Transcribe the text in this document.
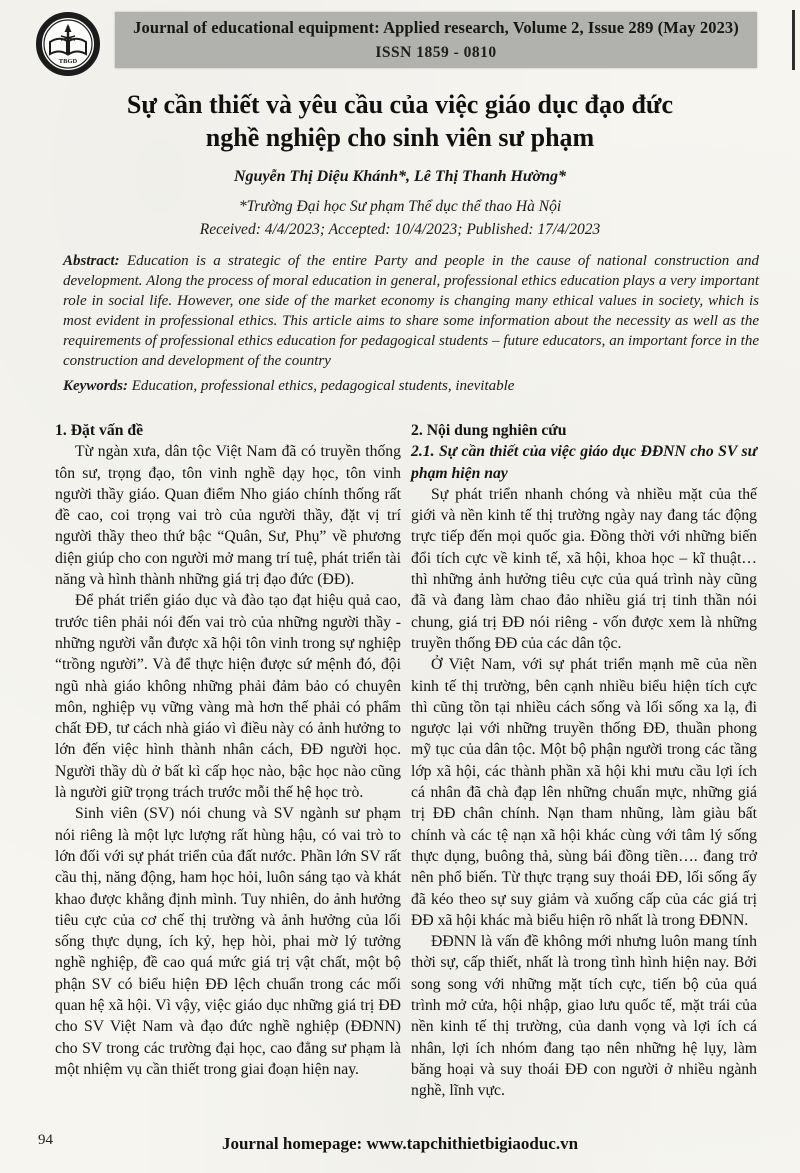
TBGD
Journal of educational equipment: Applied research, Volume 2, Issue 289 (May 2023)
ISSN 1859 - 0810
Sự cần thiết và yêu cầu của việc giáo dục đạo đức
nghề nghiệp cho sinh viên sư phạm
Nguyễn Thị Diệu Khánh*, Lê Thị Thanh Hường*
*Trường Đại học Sư phạm Thể dục thể thao Hà Nội
Received: 4/4/2023; Accepted: 10/4/2023; Published: 17/4/2023
Abstract: Education is a strategic of the entire Party and people in the cause of national construction and development. Along the process of moral education in general, professional ethics education plays a very important role in social life. However, one side of the market economy is changing many ethical values in society, which is most evident in professional ethics. This article aims to share some information about the necessity as well as the requirements of professional ethics education for pedagogical students – future educators, an important force in the construction and development of the country
Keywords: Education, professional ethics, pedagogical students, inevitable
1. Đặt vấn đề

Từ ngàn xưa, dân tộc Việt Nam đã có truyền thống tôn sư, trọng đạo, tôn vinh nghề dạy học, tôn vinh người thầy giáo. Quan điểm Nho giáo chính thống rất đề cao, coi trọng vai trò của người thầy, đặt vị trí người thầy theo thứ bậc “Quân, Sư, Phụ” về phương diện giúp cho con người mở mang trí tuệ, phát triển tài năng và hình thành những giá trị đạo đức (ĐĐ).

Để phát triển giáo dục và đào tạo đạt hiệu quả cao, trước tiên phải nói đến vai trò của những người thầy - những người vẫn được xã hội tôn vinh trong sự nghiệp “trồng người”. Và để thực hiện được sứ mệnh đó, đội ngũ nhà giáo không những phải đảm bảo có chuyên môn, nghiệp vụ vững vàng mà hơn thế phải có phẩm chất ĐĐ, tư cách nhà giáo vì điều này có ảnh hưởng to lớn đến việc hình thành nhân cách, ĐĐ người học. Người thầy dù ở bất kì cấp học nào, bậc học nào cũng là người giữ trọng trách trước mỗi thế hệ học trò.

Sinh viên (SV) nói chung và SV ngành sư phạm nói riêng là một lực lượng rất hùng hậu, có vai trò to lớn đối với sự phát triển của đất nước. Phần lớn SV rất cầu thị, năng động, ham học hỏi, luôn sáng tạo và khát khao được khẳng định mình. Tuy nhiên, do ảnh hưởng tiêu cực của cơ chế thị trường và ảnh hưởng của lối sống thực dụng, ích kỷ, hẹp hòi, phai mờ lý tưởng nghề nghiệp, đề cao quá mức giá trị vật chất, một bộ phận SV có biểu hiện ĐĐ lệch chuẩn trong các mối quan hệ xã hội. Vì vậy, việc giáo dục những giá trị ĐĐ cho SV Việt Nam và đạo đức nghề nghiệp (ĐĐNN) cho SV trong các trường đại học, cao đẳng sư phạm là một nhiệm vụ cần thiết trong giai đoạn hiện nay.

2. Nội dung nghiên cứu
2.1. Sự cần thiết của việc giáo dục ĐĐNN cho SV sư phạm hiện nay

Sự phát triển nhanh chóng và nhiều mặt của thế giới và nền kinh tế thị trường ngày nay đang tác động trực tiếp đến mọi quốc gia. Đồng thời với những biến đổi tích cực về kinh tế, xã hội, khoa học – kĩ thuật… thì những ảnh hưởng tiêu cực của quá trình này cũng đã và đang làm chao đảo nhiều giá trị tinh thần nói chung, giá trị ĐĐ nói riêng - vốn được xem là những truyền thống ĐĐ của các dân tộc.

Ở Việt Nam, với sự phát triển mạnh mẽ của nền kinh tế thị trường, bên cạnh nhiều biểu hiện tích cực thì cũng tồn tại nhiều cách sống và lối sống xa lạ, đi ngược lại với những truyền thống ĐĐ, thuần phong mỹ tục của dân tộc. Một bộ phận người trong các tầng lớp xã hội, các thành phần xã hội khi mưu cầu lợi ích cá nhân đã chà đạp lên những chuẩn mực, những giá trị ĐĐ chân chính. Nạn tham nhũng, làm giàu bất chính và các tệ nạn xã hội khác cùng với tâm lý sống thực dụng, buông thả, sùng bái đồng tiền…. đang trở nên phổ biến. Từ thực trạng suy thoái ĐĐ, lối sống ấy đã kéo theo sự suy giảm và xuống cấp của các giá trị ĐĐ xã hội khác mà biểu hiện rõ nhất là trong ĐĐNN.

ĐĐNN là vấn đề không mới nhưng luôn mang tính thời sự, cấp thiết, nhất là trong tình hình hiện nay. Bởi song song với những mặt tích cực, tiến bộ của quá trình mở cửa, hội nhập, giao lưu quốc tế, mặt trái của nền kinh tế thị trường, của danh vọng và lợi ích cá nhân, lợi ích nhóm đang tạo nên những hệ lụy, làm băng hoại và suy thoái ĐĐ con người ở nhiều ngành nghề, lĩnh vực.

94	Journal homepage: www.tapchithietbigiaoduc.vn
